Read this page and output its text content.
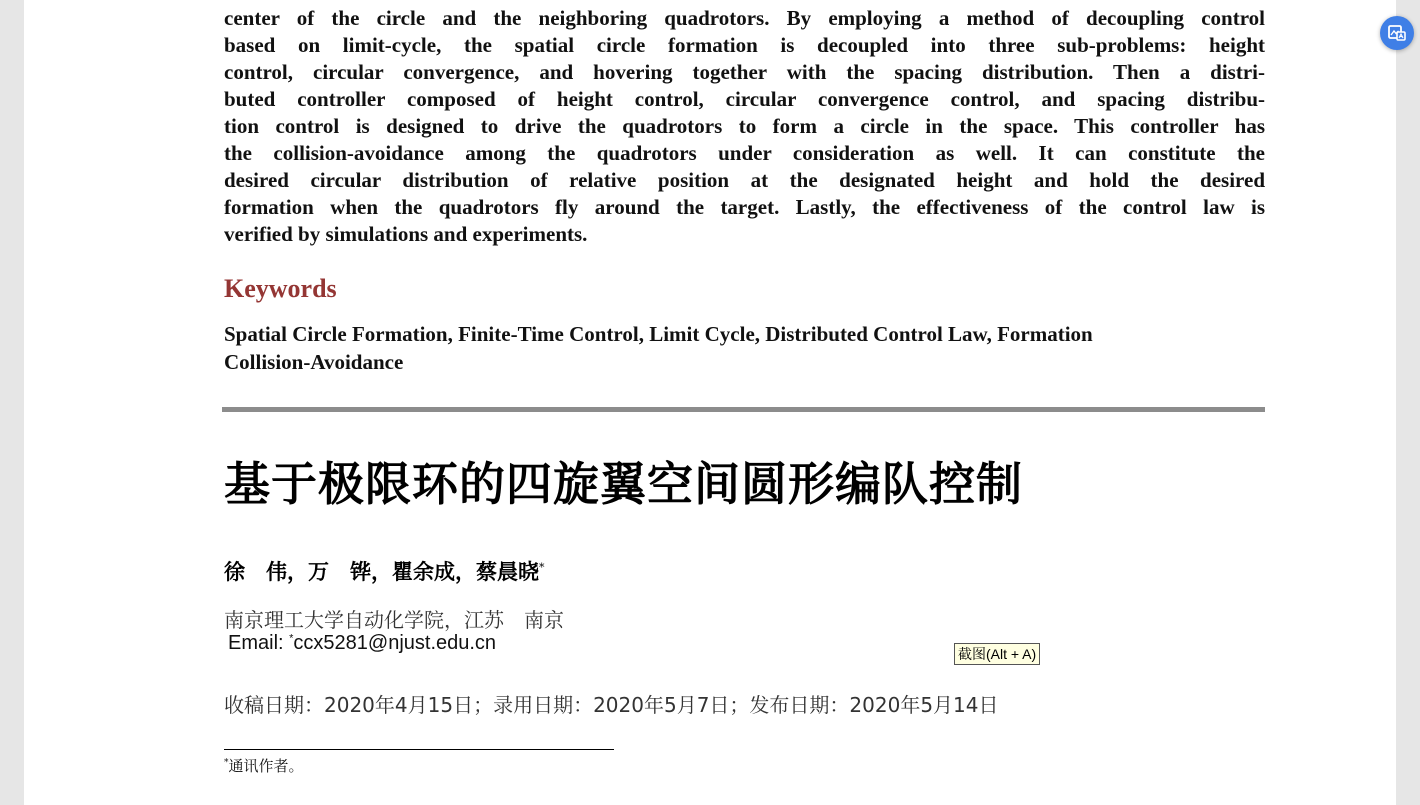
center of the circle and the neighboring quadrotors. By employing a method of decoupling control

based on limit-cycle, the spatial circle formation is decoupled into three sub-problems: height

control, circular convergence, and hovering together with the spacing distribution. Then a distri-

buted controller composed of height control, circular convergence control, and spacing distribu-

tion control is designed to drive the quadrotors to form a circle in the space. This controller has

the collision-avoidance among the quadrotors under consideration as well. It can constitute the

desired circular distribution of relative position at the designated height and hold the desired

formation when the quadrotors fly around the target. Lastly, the effectiveness of the control law is

verified by simulations and experiments.

Keywords

Spatial Circle Formation, Finite-Time Control, Limit Cycle, Distributed Control Law, Formation

Collision-Avoidance

基于极限环的四旋翼空间圆形编队控制

徐　伟，万　铧，瞿余成，蔡晨晓*

南京理工大学自动化学院，江苏　南京

Email: *ccx5281@njust.edu.cn

收稿日期：2020年4月15日；录用日期：2020年5月7日；发布日期：2020年5月14日

*通讯作者。

截图(Alt + A)
